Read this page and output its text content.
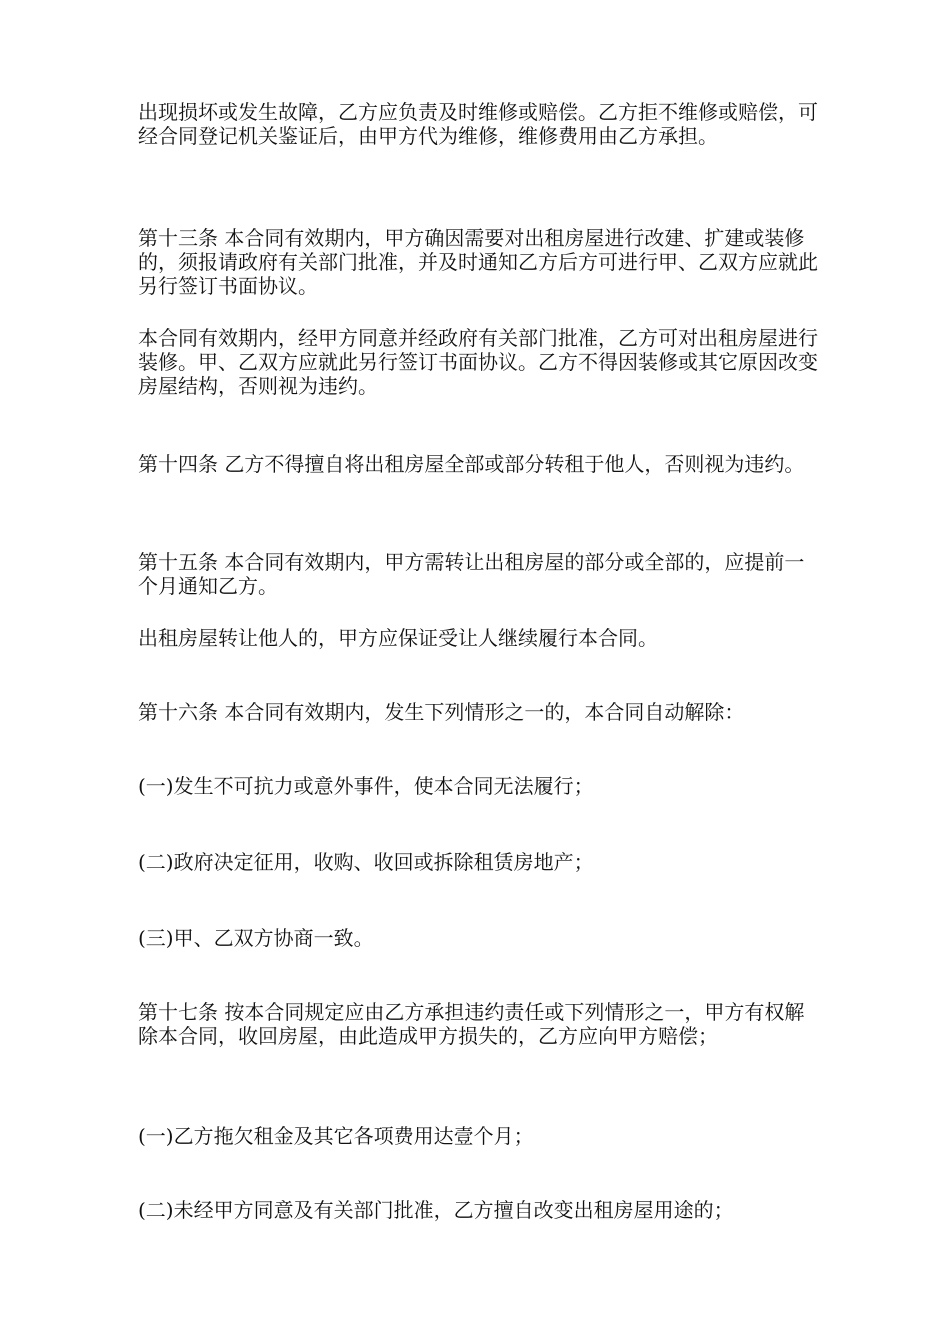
出现损坏或发生故障，乙方应负责及时维修或赔偿。乙方拒不维修或赔偿，可经合同登记机关鉴证后，由甲方代为维修，维修费用由乙方承担。

第十三条 本合同有效期内，甲方确因需要对出租房屋进行改建、扩建或装修的，须报请政府有关部门批准，并及时通知乙方后方可进行甲、乙双方应就此另行签订书面协议。

本合同有效期内，经甲方同意并经政府有关部门批准，乙方可对出租房屋进行装修。甲、乙双方应就此另行签订书面协议。乙方不得因装修或其它原因改变房屋结构，否则视为违约。

第十四条 乙方不得擅自将出租房屋全部或部分转租于他人，否则视为违约。

第十五条 本合同有效期内，甲方需转让出租房屋的部分或全部的，应提前一个月通知乙方。

出租房屋转让他人的，甲方应保证受让人继续履行本合同。

第十六条 本合同有效期内，发生下列情形之一的，本合同自动解除：

(一)发生不可抗力或意外事件，使本合同无法履行；

(二)政府决定征用，收购、收回或拆除租赁房地产；

(三)甲、乙双方协商一致。

第十七条 按本合同规定应由乙方承担违约责任或下列情形之一，甲方有权解除本合同，收回房屋，由此造成甲方损失的，乙方应向甲方赔偿；

(一)乙方拖欠租金及其它各项费用达壹个月；

(二)未经甲方同意及有关部门批准，乙方擅自改变出租房屋用途的；
